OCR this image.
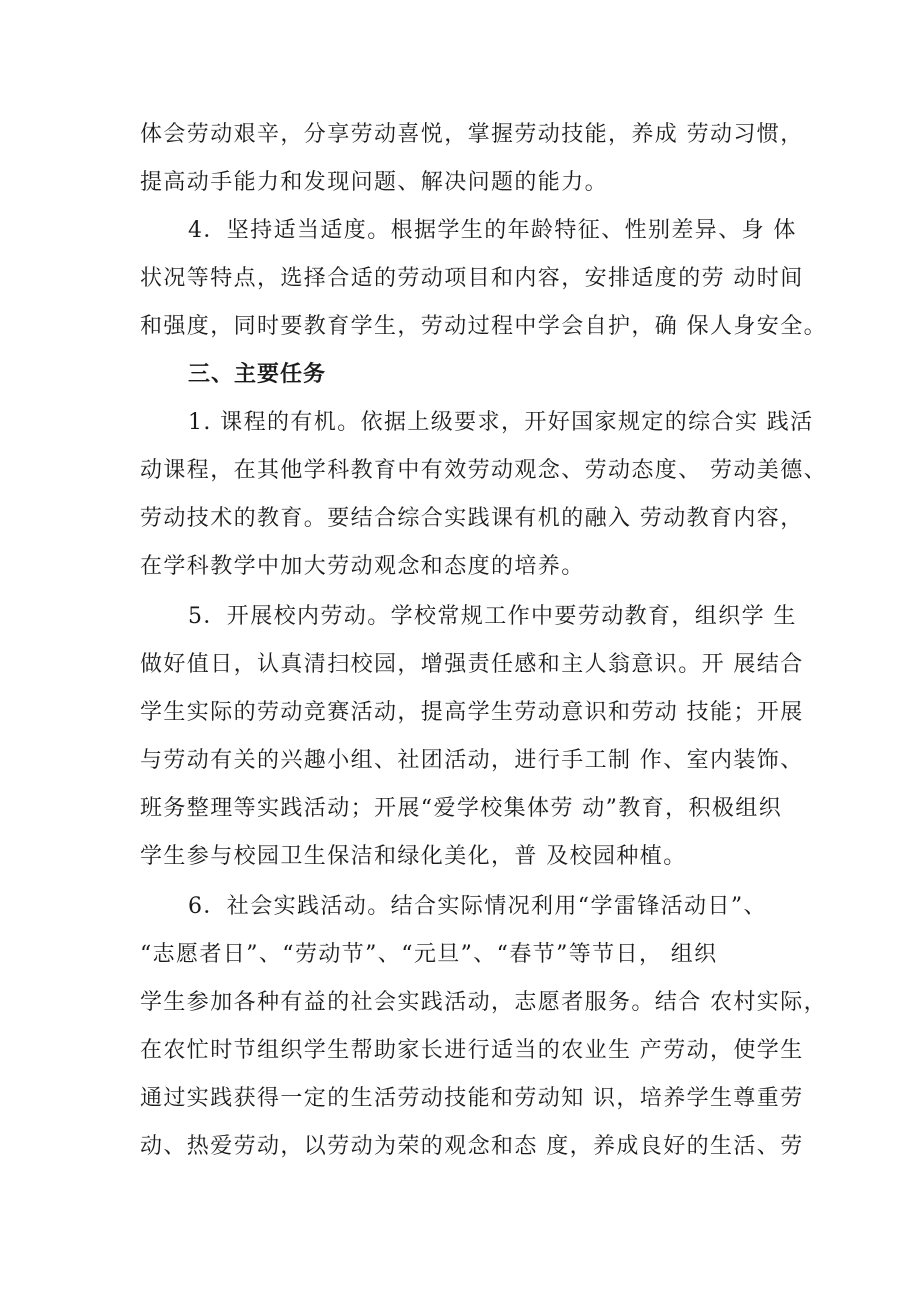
体会劳动艰辛，分享劳动喜悦，掌握劳动技能，养成 劳动习惯，
提高动手能力和发现问题、解决问题的能力。
4．坚持适当适度。根据学生的年龄特征、性别差异、身 体
状况等特点，选择合适的劳动项目和内容，安排适度的劳 动时间
和强度，同时要教育学生，劳动过程中学会自护，确 保人身安全。
三、主要任务
1. 课程的有机。依据上级要求，开好国家规定的综合实 践活
动课程，在其他学科教育中有效劳动观念、劳动态度、 劳动美德、
劳动技术的教育。要结合综合实践课有机的融入 劳动教育内容，
在学科教学中加大劳动观念和态度的培养。
5．开展校内劳动。学校常规工作中要劳动教育，组织学 生
做好值日，认真清扫校园，增强责任感和主人翁意识。开 展结合
学生实际的劳动竞赛活动，提高学生劳动意识和劳动 技能；开展
与劳动有关的兴趣小组、社团活动，进行手工制 作、室内装饰、
班务整理等实践活动；开展“爱学校集体劳 动”教育，积极组织
学生参与校园卫生保洁和绿化美化，普 及校园种植。
6．社会实践活动。结合实际情况利用“学雷锋活动日”、
“志愿者日”、“劳动节”、“元旦”、“春节”等节日， 组织
学生参加各种有益的社会实践活动，志愿者服务。结合 农村实际，
在农忙时节组织学生帮助家长进行适当的农业生 产劳动，使学生
通过实践获得一定的生活劳动技能和劳动知 识，培养学生尊重劳
动、热爱劳动，以劳动为荣的观念和态 度，养成良好的生活、劳
